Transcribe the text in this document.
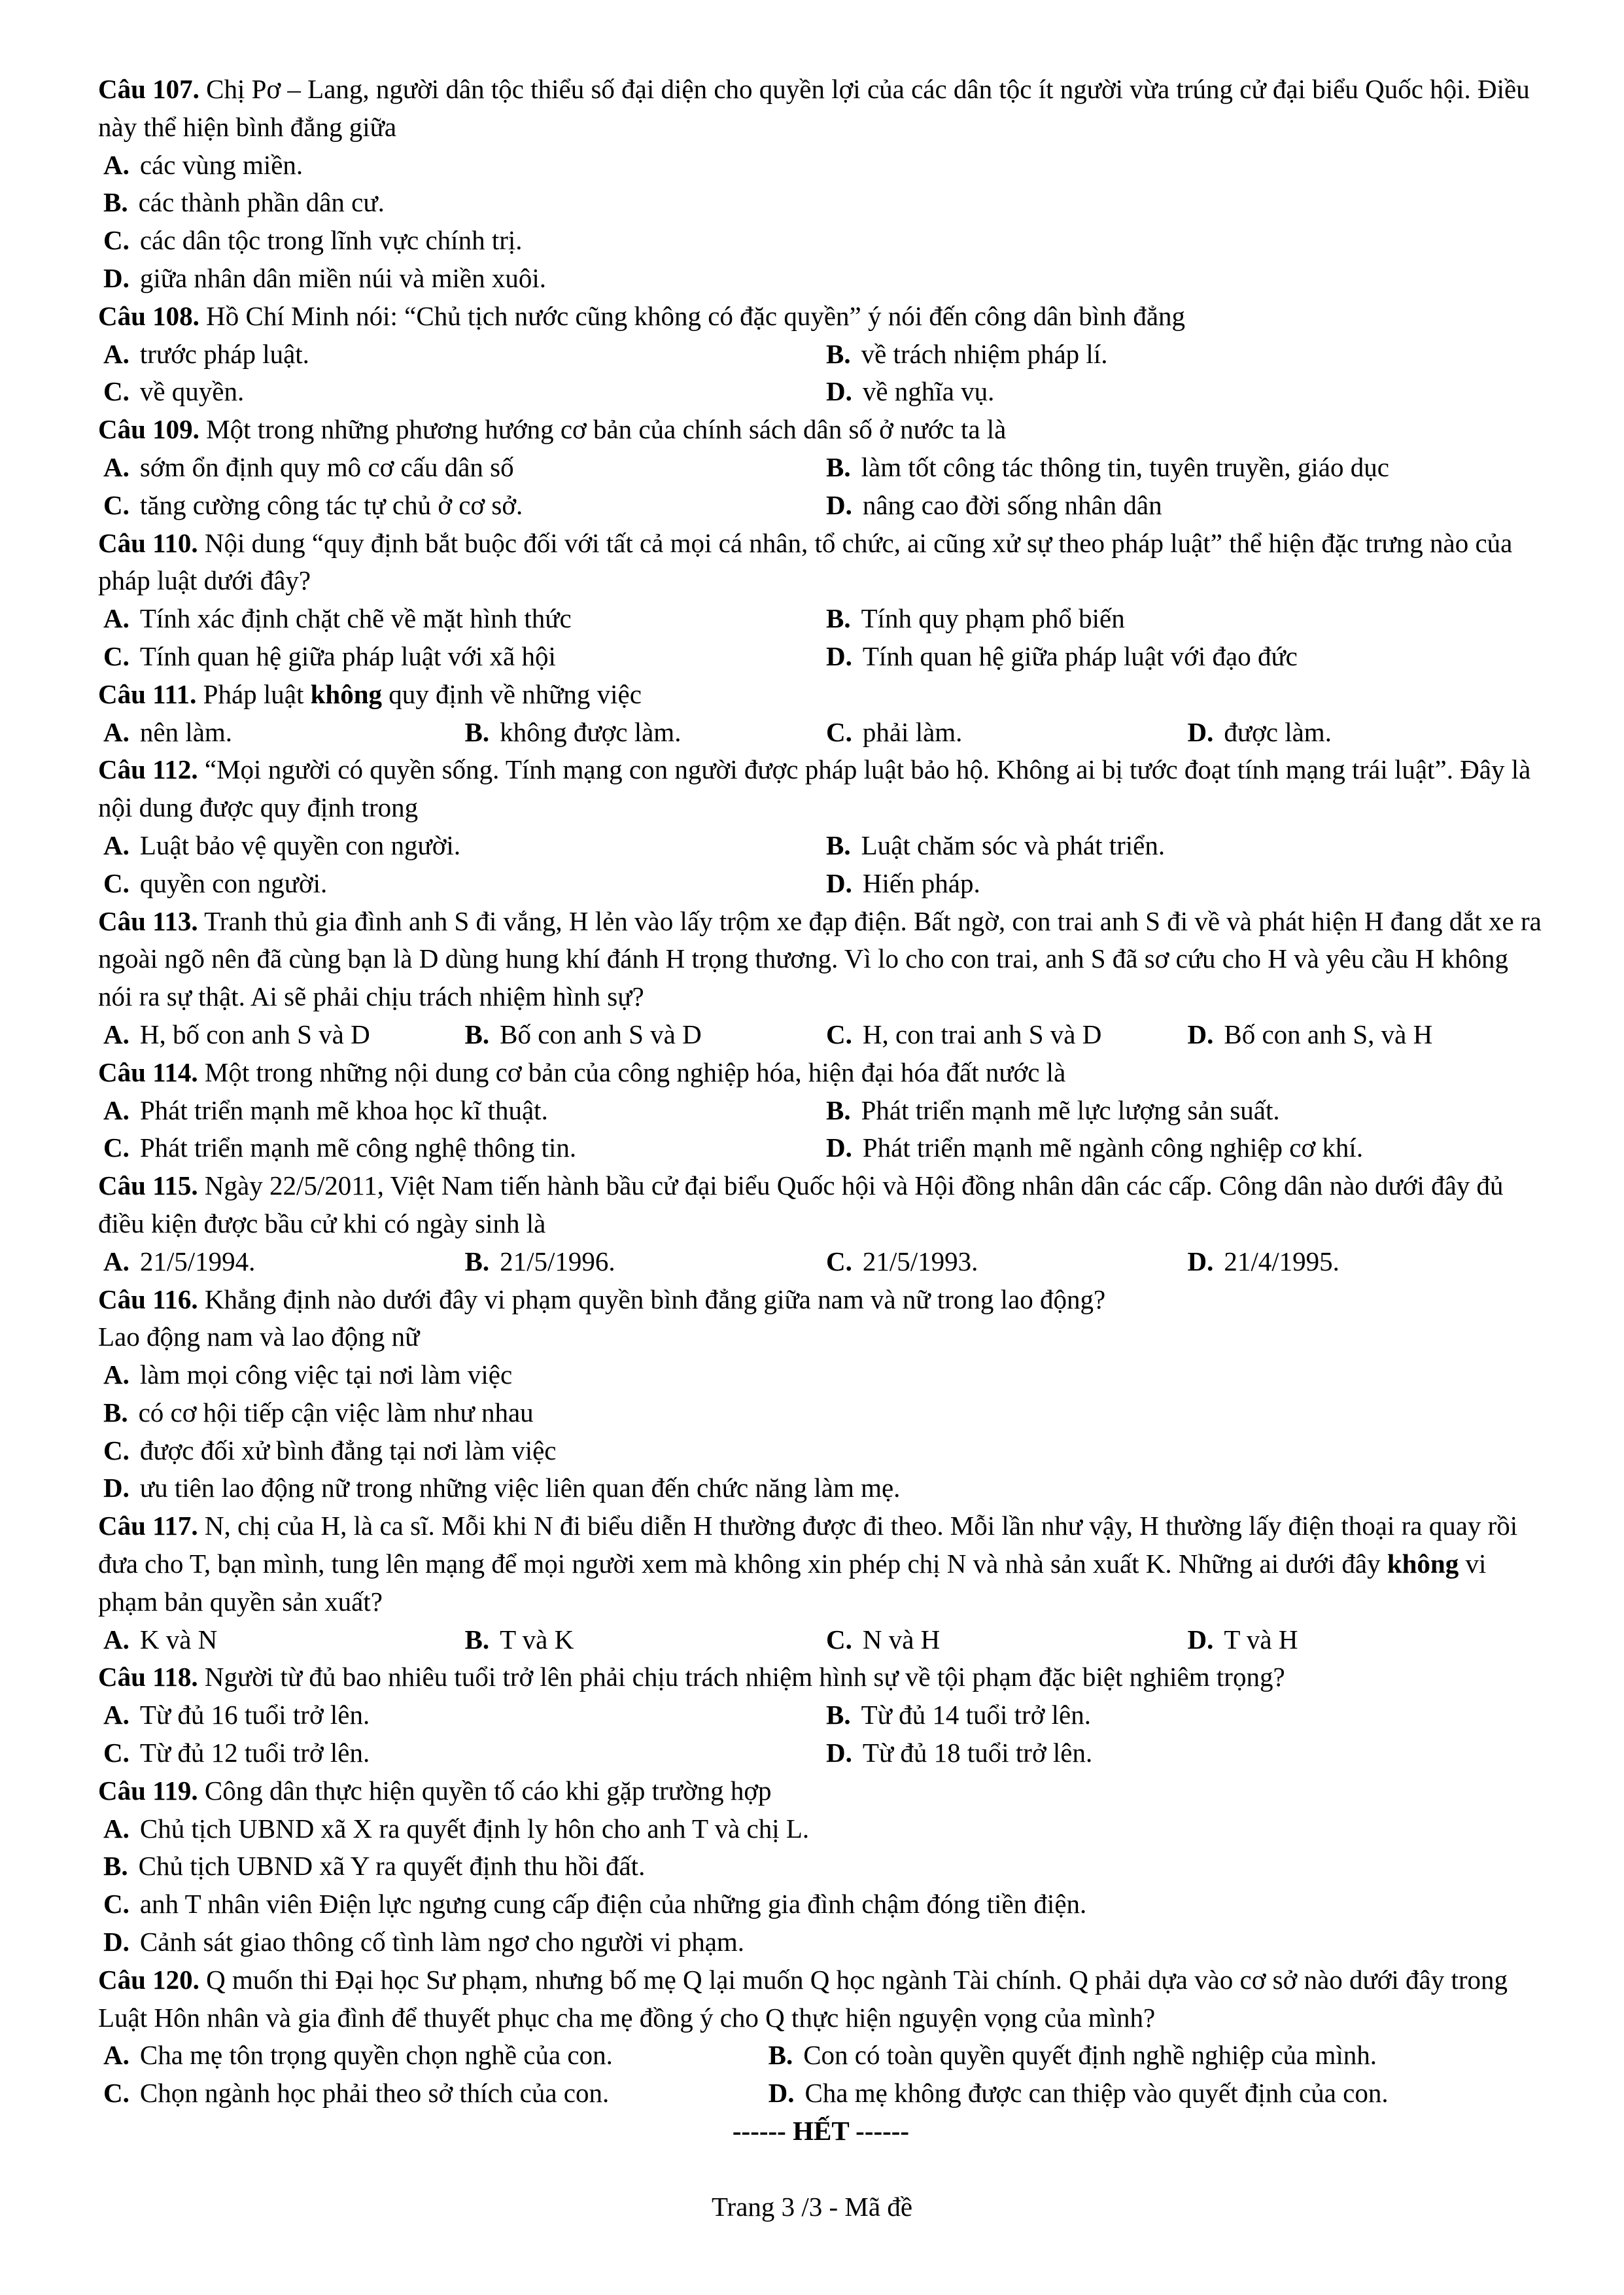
Câu 107. Chị Pơ – Lang, người dân tộc thiểu số đại diện cho quyền lợi của các dân tộc ít người vừa trúng cử đại biểu Quốc hội. Điều này thể hiện bình đẳng giữa

A. các vùng miền.
B. các thành phần dân cư.
C. các dân tộc trong lĩnh vực chính trị.
D. giữa nhân dân miền núi và miền xuôi.

Câu 108. Hồ Chí Minh nói: “Chủ tịch nước cũng không có đặc quyền” ý nói đến công dân bình đẳng

A. trước pháp luật.	B. về trách nhiệm pháp lí.
C. về quyền.	D. về nghĩa vụ.

Câu 109. Một trong những phương hướng cơ bản của chính sách dân số ở nước ta là

A. sớm ổn định quy mô cơ cấu dân số	B. làm tốt công tác thông tin, tuyên truyền, giáo dục
C. tăng cường công tác tự chủ ở cơ sở.	D. nâng cao đời sống nhân dân

Câu 110. Nội dung “quy định bắt buộc đối với tất cả mọi cá nhân, tổ chức, ai cũng xử sự theo pháp luật” thể hiện đặc trưng nào của pháp luật dưới đây?

A. Tính xác định chặt chẽ về mặt hình thức	B. Tính quy phạm phổ biến
C. Tính quan hệ giữa pháp luật với xã hội	D. Tính quan hệ giữa pháp luật với đạo đức

Câu 111. Pháp luật không quy định về những việc

A. nên làm.	B. không được làm.	C. phải làm.	D. được làm.

Câu 112. “Mọi người có quyền sống. Tính mạng con người được pháp luật bảo hộ. Không ai bị tước đoạt tính mạng trái luật”. Đây là nội dung được quy định trong

A. Luật bảo vệ quyền con người.	B. Luật chăm sóc và phát triển.
C. quyền con người.	D. Hiến pháp.

Câu 113. Tranh thủ gia đình anh S đi vắng, H lẻn vào lấy trộm xe đạp điện. Bất ngờ, con trai anh S đi về và phát hiện H đang dắt xe ra ngoài ngõ nên đã cùng bạn là D dùng hung khí đánh H trọng thương. Vì lo cho con trai, anh S đã sơ cứu cho H và yêu cầu H không nói ra sự thật. Ai sẽ phải chịu trách nhiệm hình sự?

A. H, bố con anh S và D	B. Bố con anh S và D	C. H, con trai anh S và D	D. Bố con anh S, và H

Câu 114. Một trong những nội dung cơ bản của công nghiệp hóa, hiện đại hóa đất nước là

A. Phát triển mạnh mẽ khoa học kĩ thuật.	B. Phát triển mạnh mẽ lực lượng sản suất.
C. Phát triển mạnh mẽ công nghệ thông tin.	D. Phát triển mạnh mẽ ngành công nghiệp cơ khí.

Câu 115. Ngày 22/5/2011, Việt Nam tiến hành bầu cử đại biểu Quốc hội và Hội đồng nhân dân các cấp. Công dân nào dưới đây đủ điều kiện được bầu cử khi có ngày sinh là

A. 21/5/1994.	B. 21/5/1996.	C. 21/5/1993.	D. 21/4/1995.

Câu 116. Khẳng định nào dưới đây vi phạm quyền bình đẳng giữa nam và nữ trong lao động?

Lao động nam và lao động nữ

A. làm mọi công việc tại nơi làm việc
B. có cơ hội tiếp cận việc làm như nhau
C. được đối xử bình đẳng tại nơi làm việc
D. ưu tiên lao động nữ trong những việc liên quan đến chức năng làm mẹ.

Câu 117. N, chị của H, là ca sĩ. Mỗi khi N đi biểu diễn H thường được đi theo. Mỗi lần như vậy, H thường lấy điện thoại ra quay rồi đưa cho T, bạn mình, tung lên mạng để mọi người xem mà không xin phép chị N và nhà sản xuất K. Những ai dưới đây không vi phạm bản quyền sản xuất?

A. K và N	B. T và K	C. N và H	D. T và H

Câu 118. Người từ đủ bao nhiêu tuổi trở lên phải chịu trách nhiệm hình sự về tội phạm đặc biệt nghiêm trọng?

A. Từ đủ 16 tuổi trở lên.	B. Từ đủ 14 tuổi trở lên.
C. Từ đủ 12 tuổi trở lên.	D. Từ đủ 18 tuổi trở lên.

Câu 119. Công dân thực hiện quyền tố cáo khi gặp trường hợp

A. Chủ tịch UBND xã X ra quyết định ly hôn cho anh T và chị L.
B. Chủ tịch UBND xã Y ra quyết định thu hồi đất.
C. anh T nhân viên Điện lực ngưng cung cấp điện của những gia đình chậm đóng tiền điện.
D. Cảnh sát giao thông cố tình làm ngơ cho người vi phạm.

Câu 120. Q muốn thi Đại học Sư phạm, nhưng bố mẹ Q lại muốn Q học ngành Tài chính. Q phải dựa vào cơ sở nào dưới đây trong Luật Hôn nhân và gia đình để thuyết phục cha mẹ đồng ý cho Q thực hiện nguyện vọng của mình?

A. Cha mẹ tôn trọng quyền chọn nghề của con.	B. Con có toàn quyền quyết định nghề nghiệp của mình.
C. Chọn ngành học phải theo sở thích của con.	D. Cha mẹ không được can thiệp vào quyết định của con.

------ HẾT ------

Trang 3 /3 - Mã đề
